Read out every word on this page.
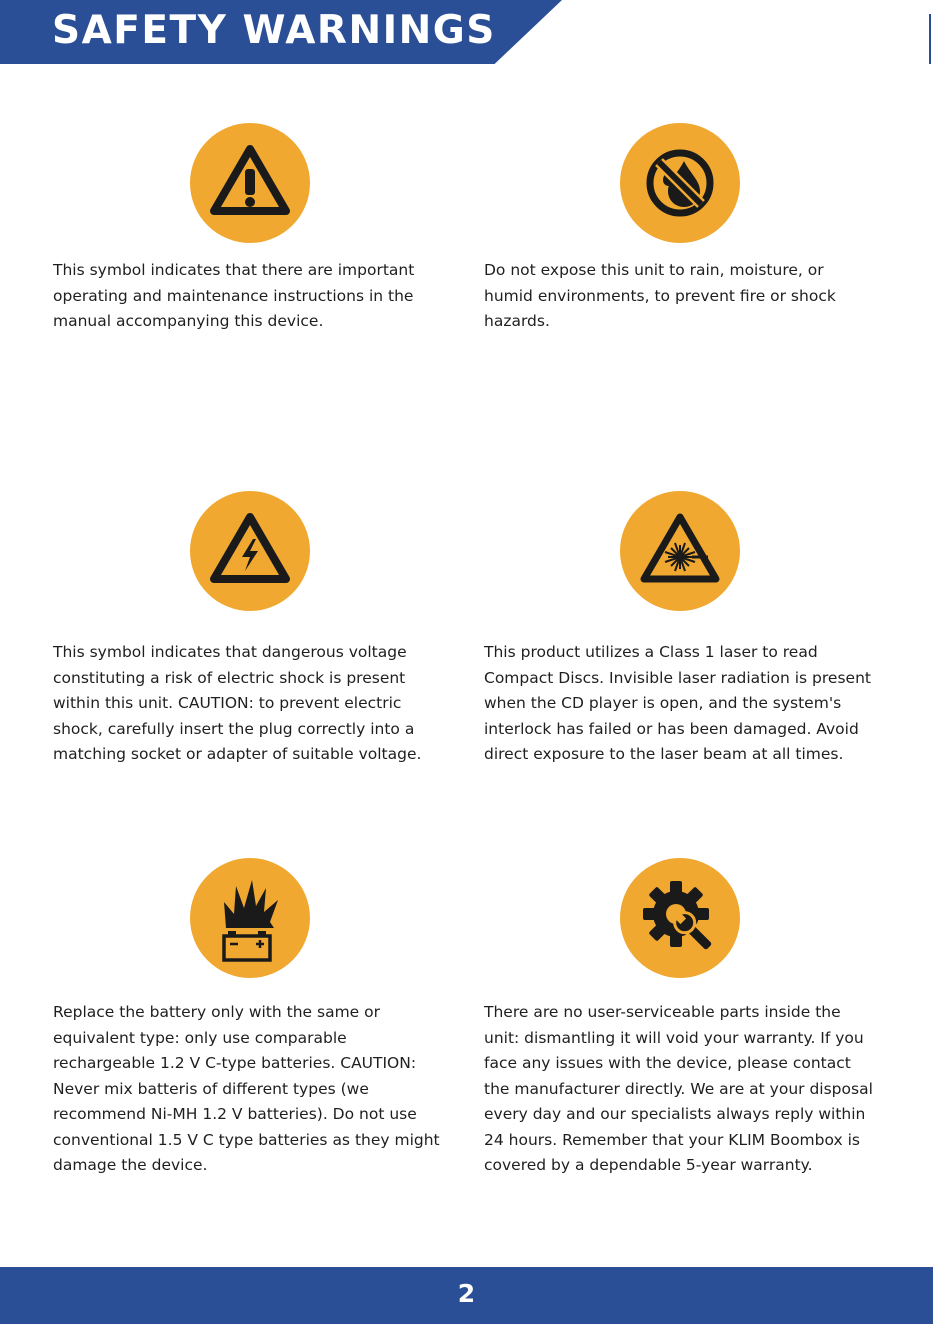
SAFETY WARNINGS

This symbol indicates that there are important operating and maintenance instructions in the manual accompanying this device.

Do not expose this unit to rain, moisture, or humid environments, to prevent fire or shock hazards.

This symbol indicates that dangerous voltage constituting a risk of electric shock is present within this unit. CAUTION: to prevent electric shock, carefully insert the plug correctly into a matching socket or adapter of suitable voltage.

This product utilizes a Class 1 laser to read Compact Discs. Invisible laser radiation is present when the CD player is open, and the system's interlock has failed or has been damaged. Avoid direct exposure to the laser beam at all times.

Replace the battery only with the same or equivalent type: only use comparable rechargeable 1.2 V C-type batteries. CAUTION: Never mix batteris of different types (we recommend Ni-MH 1.2 V batteries). Do not use conventional 1.5 V C type batteries as they might damage the device.

There are no user-serviceable parts inside the unit: dismantling it will void your warranty. If you face any issues with the device, please contact the manufacturer directly. We are at your disposal every day and our specialists always reply within 24 hours. Remember that your KLIM Boombox is covered by a dependable 5-year warranty.

2
